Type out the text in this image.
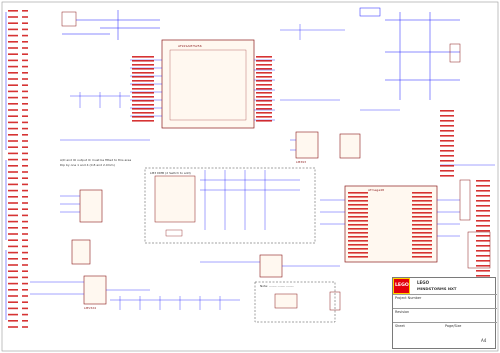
LEGO
LEGO
MINDSTORMS NXT
Project Number
Revision
Sheet	Page/Size
A4
AT91SAM7S256
ATmega48
LMV324
LM393
LM3 DMB (2 Switch to add)
Note: ------- ------- -------
A/D and IO output IC must be fitted to this area
Dip by one 1 and 4 (0.8 and 2.0mm)
